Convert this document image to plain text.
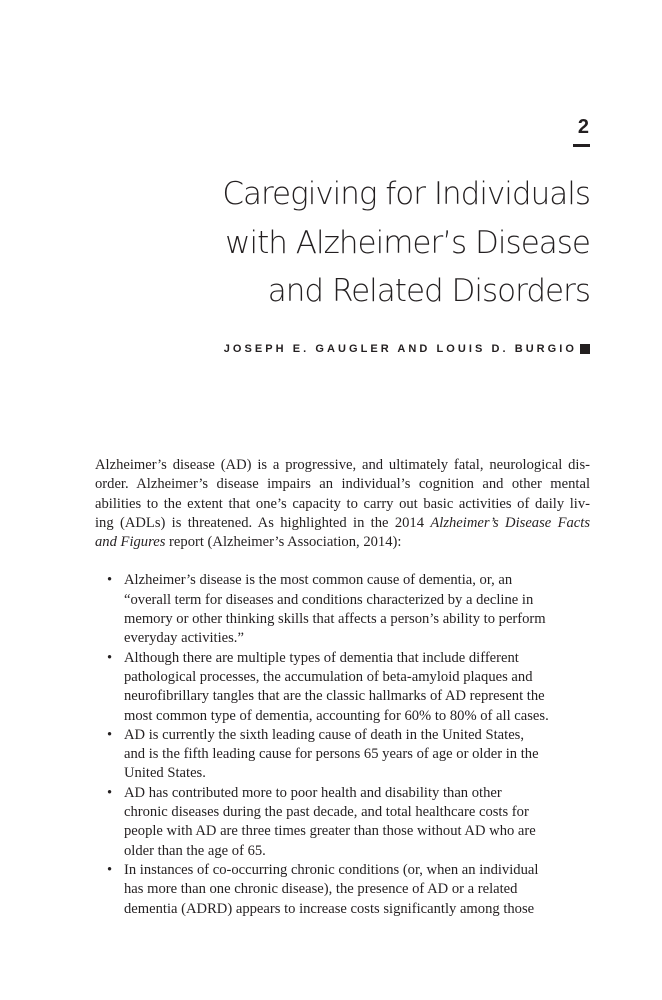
2
Caregiving for Individuals
with Alzheimer’s Disease
and Related Disorders
JOSEPH E. GAUGLER AND LOUIS D. BURGIO

Alzheimer’s disease (AD) is a progressive, and ultimately fatal, neurological dis-
order. Alzheimer’s disease impairs an individual’s cognition and other mental
abilities to the extent that one’s capacity to carry out basic activities of daily liv-
ing (ADLs) is threatened. As highlighted in the 2014 Alzheimer’s Disease Facts
and Figures report (Alzheimer’s Association, 2014):

• Alzheimer’s disease is the most common cause of dementia, or, an
“overall term for diseases and conditions characterized by a decline in
memory or other thinking skills that affects a person’s ability to perform
everyday activities.”
• Although there are multiple types of dementia that include different
pathological processes, the accumulation of beta-amyloid plaques and
neurofibrillary tangles that are the classic hallmarks of AD represent the
most common type of dementia, accounting for 60% to 80% of all cases.
• AD is currently the sixth leading cause of death in the United States,
and is the fifth leading cause for persons 65 years of age or older in the
United States.
• AD has contributed more to poor health and disability than other
chronic diseases during the past decade, and total healthcare costs for
people with AD are three times greater than those without AD who are
older than the age of 65.
• In instances of co-occurring chronic conditions (or, when an individual
has more than one chronic disease), the presence of AD or a related
dementia (ADRD) appears to increase costs significantly among those
